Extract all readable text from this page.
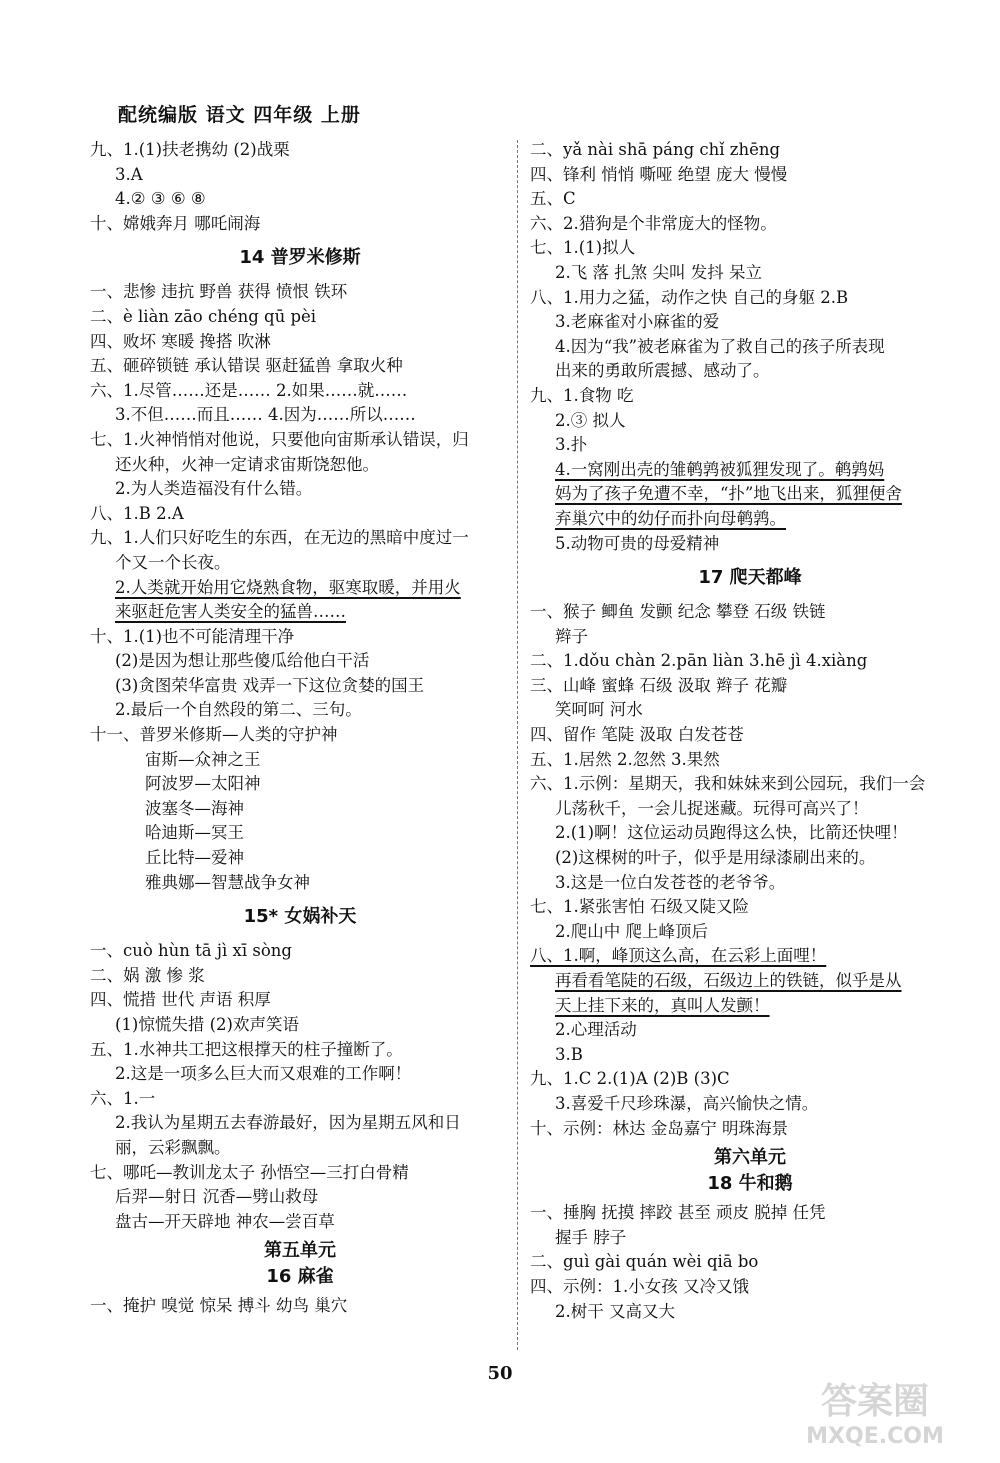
配统编版 语文 四年级 上册
九、1.(1)扶老携幼 (2)战栗
3.A
4.② ③ ⑥ ⑧
十、嫦娥奔月 哪吒闹海
14 普罗米修斯
一、悲惨 违抗 野兽 获得 愤恨 铁环
二、è liàn zāo chéng qū pèi
四、败坏 寒暖 搀搭 吹淋
五、砸碎锁链 承认错误 驱赶猛兽 拿取火种
六、1.尽管……还是…… 2.如果……就……
3.不但……而且…… 4.因为……所以……
七、1.火神悄悄对他说，只要他向宙斯承认错误，归
还火种，火神一定请求宙斯饶恕他。
2.为人类造福没有什么错。
八、1.B 2.A
九、1.人们只好吃生的东西，在无边的黑暗中度过一
个又一个长夜。
2.人类就开始用它烧熟食物，驱寒取暖，并用火
来驱赶危害人类安全的猛兽……
十、1.(1)也不可能清理干净
(2)是因为想让那些傻瓜给他白干活
(3)贪图荣华富贵 戏弄一下这位贪婪的国王
2.最后一个自然段的第二、三句。
十一、普罗米修斯—人类的守护神
宙斯—众神之王
阿波罗—太阳神
波塞冬—海神
哈迪斯—冥王
丘比特—爱神
雅典娜—智慧战争女神
15* 女娲补天
一、cuò hùn tā jì xī sòng
二、娲 激 惨 浆
四、慌措 世代 声语 积厚
(1)惊慌失措 (2)欢声笑语
五、1.水神共工把这根撑天的柱子撞断了。
2.这是一项多么巨大而又艰难的工作啊！
六、1.一
2.我认为星期五去春游最好，因为星期五风和日
丽，云彩飘飘。
七、哪吒—教训龙太子 孙悟空—三打白骨精
后羿—射日 沉香—劈山救母
盘古—开天辟地 神农—尝百草
第五单元
16 麻雀
一、掩护 嗅觉 惊呆 搏斗 幼鸟 巢穴
二、yǎ nài shā páng chǐ zhēng
四、锋利 悄悄 嘶哑 绝望 庞大 慢慢
五、C
六、2.猎狗是个非常庞大的怪物。
七、1.(1)拟人
2.飞 落 扎煞 尖叫 发抖 呆立
八、1.用力之猛，动作之快 自己的身躯 2.B
3.老麻雀对小麻雀的爱
4.因为“我”被老麻雀为了救自己的孩子所表现
出来的勇敢所震撼、感动了。
九、1.食物 吃
2.③ 拟人
3.扑
4.一窝刚出壳的雏鹌鹑被狐狸发现了。鹌鹑妈
妈为了孩子免遭不幸，“扑”地飞出来，狐狸便舍
弃巢穴中的幼仔而扑向母鹌鹑。
5.动物可贵的母爱精神
17 爬天都峰
一、猴子 鲫鱼 发颤 纪念 攀登 石级 铁链
辫子
二、1.dǒu chàn 2.pān liàn 3.hē jì 4.xiàng
三、山峰 蜜蜂 石级 汲取 辫子 花瓣
笑呵呵 河水
四、留作 笔陡 汲取 白发苍苍
五、1.居然 2.忽然 3.果然
六、1.示例：星期天，我和妹妹来到公园玩，我们一会
儿荡秋千，一会儿捉迷藏。玩得可高兴了！
2.(1)啊！这位运动员跑得这么快，比箭还快哩！
(2)这棵树的叶子，似乎是用绿漆刷出来的。
3.这是一位白发苍苍的老爷爷。
七、1.紧张害怕 石级又陡又险
2.爬山中 爬上峰顶后
八、1.啊，峰顶这么高，在云彩上面哩！
再看看笔陡的石级，石级边上的铁链，似乎是从
天上挂下来的，真叫人发颤！
2.心理活动
3.B
九、1.C 2.(1)A (2)B (3)C
3.喜爱千尺珍珠瀑，高兴愉快之情。
十、示例：林达 金岛嘉宁 明珠海景
第六单元
18 牛和鹅
一、捶胸 抚摸 摔跤 甚至 顽皮 脱掉 任凭
握手 脖子
二、guì gài quán wèi qiā bo
四、示例：1.小女孩 又冷又饿
2.树干 又高又大
50
答案圈
MXQE.COM
